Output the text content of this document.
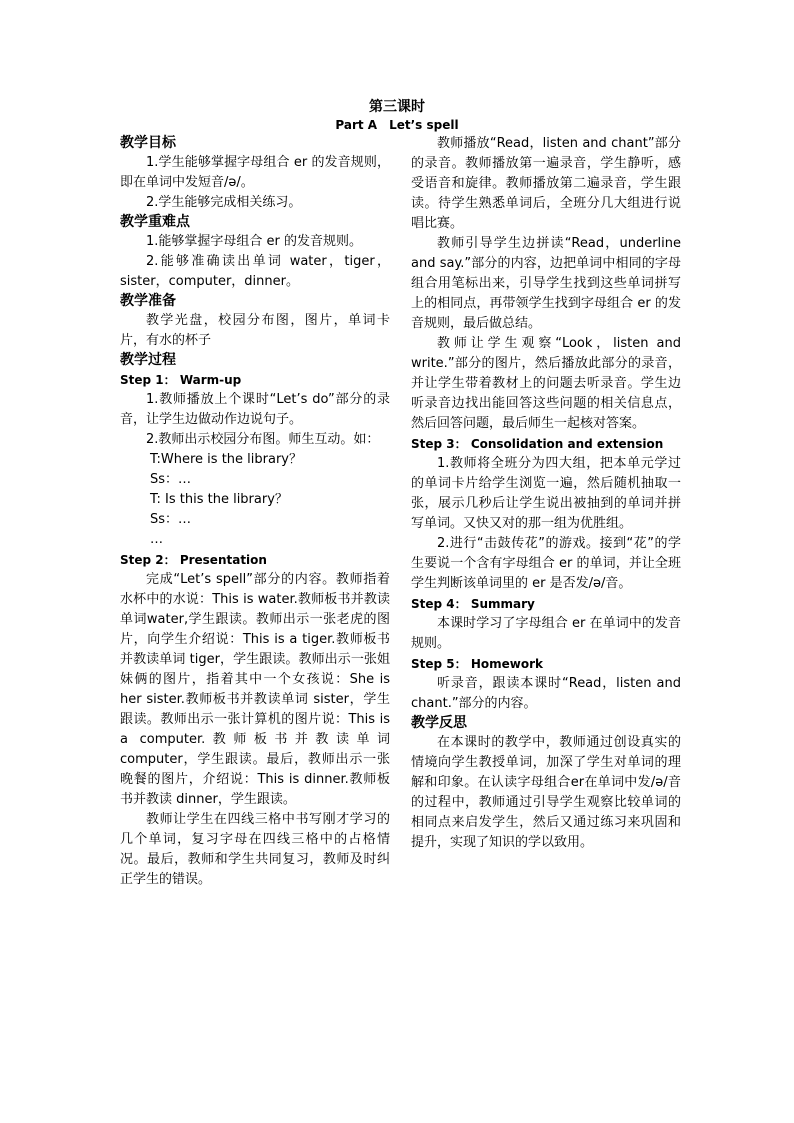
第三课时
Part A　Let’s spell
教学目标
1.学生能够掌握字母组合 er 的发音规则，即在单词中发短音/ə/。
2.学生能够完成相关练习。
教学重难点
1.能够掌握字母组合 er 的发音规则。
2.能够准确读出单词 water，tiger，sister，computer，dinner。
教学准备
教学光盘，校园分布图，图片，单词卡片，有水的杯子
教学过程
Step 1： Warm-up
1.教师播放上个课时“Let’s do”部分的录音，让学生边做动作边说句子。
2.教师出示校园分布图。师生互动。如：
T:Where is the library？
Ss：…
T: Is this the library？
Ss：…
…
Step 2： Presentation
完成“Let’s spell”部分的内容。教师指着水杯中的水说：This is water.教师板书并教读单词water,学生跟读。教师出示一张老虎的图片，向学生介绍说：This is a tiger.教师板书并教读单词 tiger，学生跟读。教师出示一张姐妹俩的图片，指着其中一个女孩说：She is her sister.教师板书并教读单词 sister，学生跟读。教师出示一张计算机的图片说：This is a computer.教师板书并教读单词 computer，学生跟读。最后，教师出示一张晚餐的图片，介绍说：This is dinner.教师板书并教读 dinner，学生跟读。
教师让学生在四线三格中书写刚才学习的几个单词，复习字母在四线三格中的占格情况。最后，教师和学生共同复习，教师及时纠正学生的错误。
教师播放“Read，listen and chant”部分的录音。教师播放第一遍录音，学生静听，感受语音和旋律。教师播放第二遍录音，学生跟读。待学生熟悉单词后，全班分几大组进行说唱比赛。
教师引导学生边拼读“Read，underline and say.”部分的内容，边把单词中相同的字母组合用笔标出来，引导学生找到这些单词拼写上的相同点，再带领学生找到字母组合 er 的发音规则，最后做总结。
教师让学生观察“Look，listen and write.”部分的图片，然后播放此部分的录音，并让学生带着教材上的问题去听录音。学生边听录音边找出能回答这些问题的相关信息点，然后回答问题，最后师生一起核对答案。
Step 3： Consolidation and extension
1.教师将全班分为四大组，把本单元学过的单词卡片给学生浏览一遍，然后随机抽取一张，展示几秒后让学生说出被抽到的单词并拼写单词。又快又对的那一组为优胜组。
2.进行“击鼓传花”的游戏。接到“花”的学生要说一个含有字母组合 er 的单词，并让全班学生判断该单词里的 er 是否发/ə/音。
Step 4： Summary
本课时学习了字母组合 er 在单词中的发音规则。
Step 5： Homework
听录音，跟读本课时“Read，listen and chant.”部分的内容。
教学反思
在本课时的教学中，教师通过创设真实的情境向学生教授单词，加深了学生对单词的理解和印象。在认读字母组合er在单词中发/ə/音的过程中，教师通过引导学生观察比较单词的相同点来启发学生，然后又通过练习来巩固和提升，实现了知识的学以致用。
